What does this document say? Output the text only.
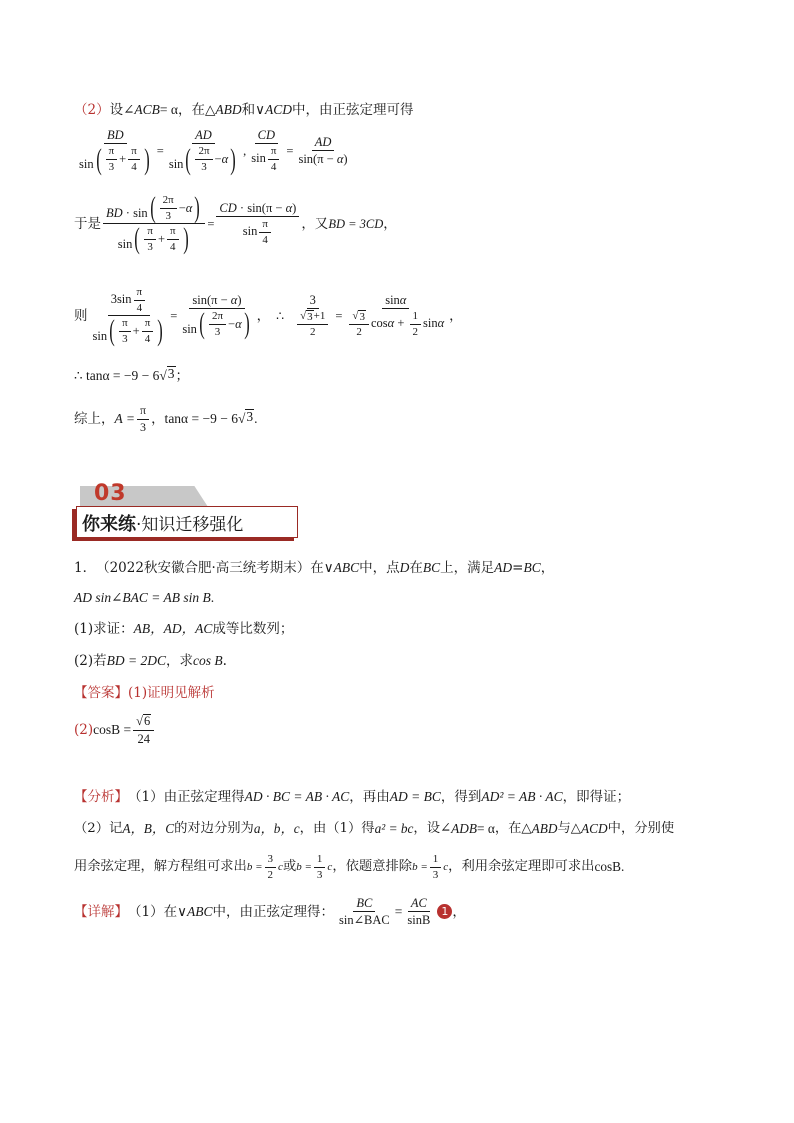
（2） 设∠ ACB = α，在△ ABD 和∨ ACD 中，由正弦定理可得
$\frac{BD}{\sin ( \frac{\pi}{3} + \frac{\pi}{4} )} = \frac{AD}{\sin ( \frac{2\pi}{3} - \alpha )}$ , $\frac{CD}{\sin \frac{\pi}{4}} = \frac{AD}{\sin(\pi - \alpha)}$
于是 $\frac{BD \cdot \sin ( \frac{2\pi}{3} - \alpha )}{\sin ( \frac{\pi}{3} + \frac{\pi}{4} )} = \frac{CD \cdot \sin(\pi - \alpha)}{\sin \frac{\pi}{4}}$ ，又 BD = 3CD ，
则 $\frac{3\sin \frac{\pi}{4}}{\sin ( \frac{\pi}{3} + \frac{\pi}{4} )} = \frac{\sin(\pi - \alpha)}{\sin ( \frac{2\pi}{3} - \alpha )}$ ， ∴ $\frac{3}{\frac{√ 3 +1}{2}} = \frac{\sin\alpha}{\frac{√ 3}{2} \cos\alpha + \frac{1}{2} \sin\alpha}$ ，
∴ tanα = −9 − 6 √ 3 ；
综上， $A = \frac{\pi}{3}$ ，tanα = −9 − 6 √ 3 .
03
你来练·知识迁移强化
1． （2022秋安徽合肥·高三统考期末） 在∨ ABC 中，点 D 在 BC 上，满足 AD = BC ，
AD sin∠BAC = AB sin B .
(1) 求证： AB，AD，AC 成等比数列；
(2) 若 BD = 2DC ，求 cos B .
【答案】 (1)证明见解析
(2) $\cos B = \frac{√ 6}{24}$
【分析】 （1）由正弦定理得 AD · BC = AB · AC ，再由 AD = BC ，得到 AD² = AB · AC ，即得证；
（2）记 A，B，C 的对边分别为 a，b，c ，由（1）得 a² = bc ，设∠ ADB = α ，在△ ABD 与△ ACD 中，分别使
用余弦定理，解方程组可求出 $b = \frac{3}{2}$ c 或 $b = \frac{1}{3}$ c ，依题意排除 $b = \frac{1}{3}$ c ，利用余弦定理即可求出 cosB .
【详解】 （1）在∨ ABC 中，由正弦定理得： $\frac{BC}{\text{sin∠BAC}} = \frac{AC}{\sin B} 1$ ，
